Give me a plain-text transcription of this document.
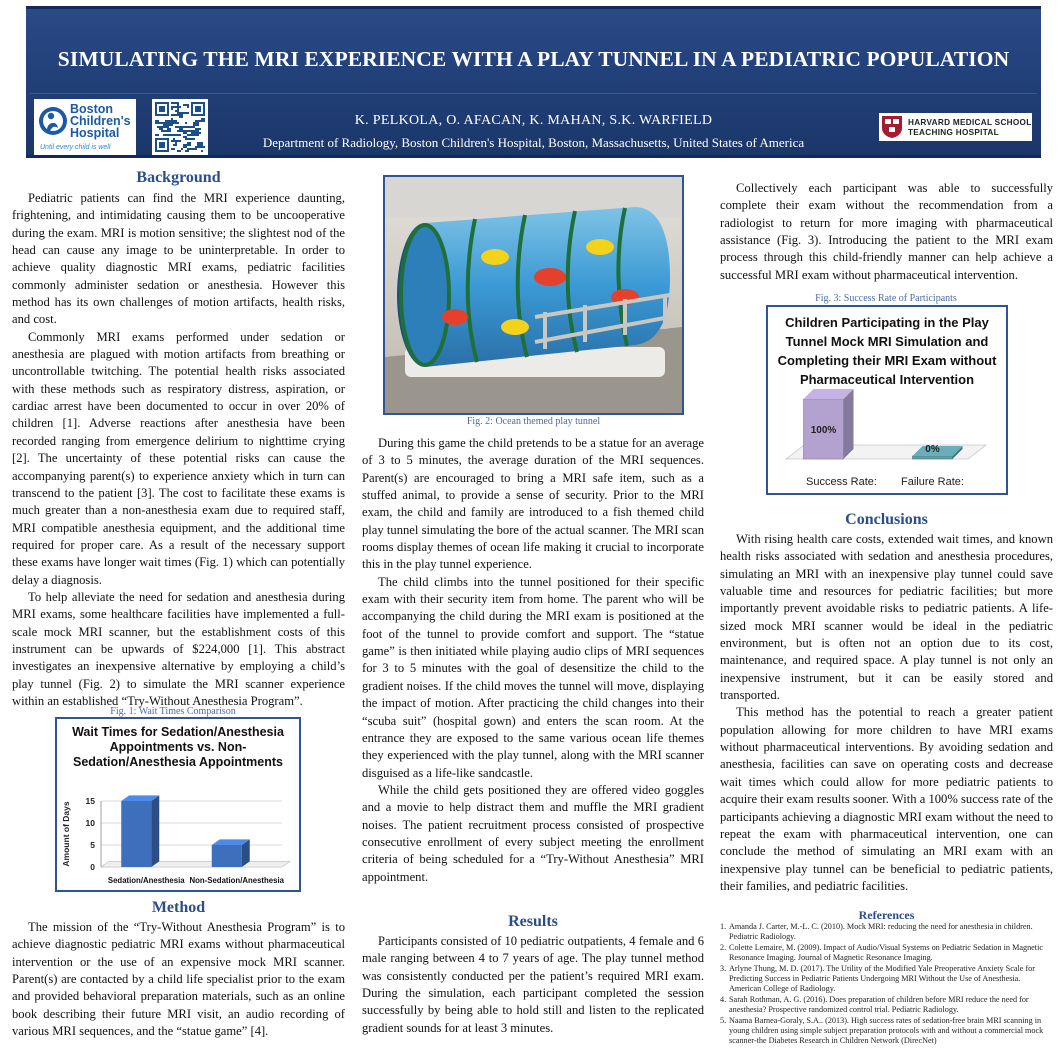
SIMULATING THE MRI EXPERIENCE WITH A PLAY TUNNEL IN A PEDIATRIC POPULATION
Boston
Children's
Hospital
Until every child is well
K. PELKOLA, O. AFACAN, K. MAHAN, S.K. WARFIELD
Department of Radiology, Boston Children's Hospital, Boston, Massachusetts, United States of America
HARVARD MEDICAL SCHOOL
TEACHING HOSPITAL
Background

Pediatric patients can find the MRI experience daunting, frightening, and intimidating causing them to be uncooperative during the exam. MRI is motion sensitive; the slightest nod of the head can cause any image to be uninterpretable. In order to achieve quality diagnostic MRI exams, pediatric facilities commonly administer sedation or anesthesia. However this method has its own challenges of motion artifacts, health risks, and cost.

Commonly MRI exams performed under sedation or anesthesia are plagued with motion artifacts from breathing or uncontrollable twitching. The potential health risks associated with these methods such as respiratory distress, aspiration, or cardiac arrest have been documented to occur in over 20% of children [1]. Adverse reactions after anesthesia have been recorded ranging from emergence delirium to nighttime crying [2]. The uncertainty of these potential risks can cause the accompanying parent(s) to experience anxiety which in turn can transcend to the patient [3]. The cost to facilitate these exams is much greater than a non-anesthesia exam due to required staff, MRI compatible anesthesia equipment, and the additional time required for proper care. As a result of the necessary support these exams have longer wait times (Fig. 1) which can potentially delay a diagnosis.

To help alleviate the need for sedation and anesthesia during MRI exams, some healthcare facilities have implemented a full-scale mock MRI scanner, but the establishment costs of this instrument can be upwards of $224,000 [1]. This abstract investigates an inexpensive alternative by employing a child’s play tunnel (Fig. 2) to simulate the MRI scanner experience within an established “Try-Without Anesthesia Program”.

Fig. 1: Wait Times Comparison
Wait Times for Sedation/Anesthesia
Appointments vs. Non-
Sedation/Anesthesia Appointments
0
5
10
15
Amount of Days
Sedation/Anesthesia Non-Sedation/Anesthesia
Method

The mission of the “Try-Without Anesthesia Program” is to achieve diagnostic pediatric MRI exams without pharmaceutical intervention or the use of an expensive mock MRI scanner. Parent(s) are contacted by a child life specialist prior to the exam and provided behavioral preparation materials, such as an online book describing their future MRI visit, an audio recording of various MRI sequences, and the “statue game” [4].

Fig. 2: Ocean themed play tunnel

During this game the child pretends to be a statue for an average of 3 to 5 minutes, the average duration of the MRI sequences. Parent(s) are encouraged to bring a MRI safe item, such as a stuffed animal, to provide a sense of security. Prior to the MRI exam, the child and family are introduced to a fish themed child play tunnel simulating the bore of the actual scanner. The MRI scan rooms display themes of ocean life making it crucial to incorporate this in the play tunnel experience.

The child climbs into the tunnel positioned for their specific exam with their security item from home. The parent who will be accompanying the child during the MRI exam is positioned at the foot of the tunnel to provide comfort and support. The “statue game” is then initiated while playing audio clips of MRI sequences for 3 to 5 minutes with the goal of desensitize the child to the gradient noises. If the child moves the tunnel will move, displaying the impact of motion. After practicing the child changes into their “scuba suit” (hospital gown) and enters the scan room. At the entrance they are exposed to the same various ocean life themes they experienced with the play tunnel, along with the MRI scanner disguised as a life-like sandcastle.

While the child gets positioned they are offered video goggles and a movie to help distract them and muffle the MRI gradient noises. The patient recruitment process consisted of prospective consecutive enrollment of every subject meeting the enrollment criteria of being scheduled for a “Try-Without Anesthesia” MRI appointment.

Results

Participants consisted of 10 pediatric outpatients, 4 female and 6 male ranging between 4 to 7 years of age. The play tunnel method was consistently conducted per the patient’s required MRI exam. During the simulation, each participant completed the session successfully by being able to hold still and listen to the replicated gradient sounds for at least 3 minutes.

Collectively each participant was able to successfully complete their exam without the recommendation from a radiologist to return for more imaging with pharmaceutical assistance (Fig. 3). Introducing the patient to the MRI exam process through this child-friendly manner can help achieve a successful MRI exam without pharmaceutical intervention.

Fig. 3: Success Rate of Participants
Children Participating in the Play
Tunnel Mock MRI Simulation and
Completing their MRI Exam without
Pharmaceutical Intervention
100%
Success Rate:
0%
Failure Rate:
Conclusions

With rising health care costs, extended wait times, and known health risks associated with sedation and anesthesia procedures, simulating an MRI with an inexpensive play tunnel could save valuable time and resources for pediatric facilities; but more importantly prevent avoidable risks to pediatric patients. A life-sized mock MRI scanner would be ideal in the pediatric environment, but is often not an option due to its cost, maintenance, and required space. A play tunnel is not only an inexpensive instrument, but it can be easily stored and transported.

This method has the potential to reach a greater patient population allowing for more children to have MRI exams without pharmaceutical interventions. By avoiding sedation and anesthesia, facilities can save on operating costs and decrease wait times which could allow for more pediatric patients to acquire their exam results sooner. With a 100% success rate of the participants achieving a diagnostic MRI exam without the need to repeat the exam with pharmaceutical intervention, one can conclude the method of simulating an MRI exam with an inexpensive play tunnel can be beneficial to pediatric patients, their families, and pediatric facilities.

References
1. Amanda J. Carter, M.-L. C. (2010). Mock MRI: reducing the need for anesthesia in children. Pediatric Radiology.
2. Colette Lemaire, M. (2009). Impact of Audio/Visual Systems on Pediatric Sedation in Magnetic Resonance Imaging. Journal of Magnetic Resonance Imaging.
3. Arlyne Thung, M. D. (2017). The Utility of the Modified Yale Preoperative Anxiety Scale for Predicting Success in Pediatric Patients Undergoing MRI Without the Use of Anesthesia. American College of Radiology.
4. Sarah Rothman, A. G. (2016). Does preparation of children before MRI reduce the need for anesthesia? Prospective randomized control trial. Pediatric Radiology.
5. Naama Barnea-Goraly, S.A.. (2013). High success rates of sedation-free brain MRI scanning in young children using simple subject preparation protocols with and without a commercial mock scanner-the Diabetes Research in Children Network (DirecNet)
